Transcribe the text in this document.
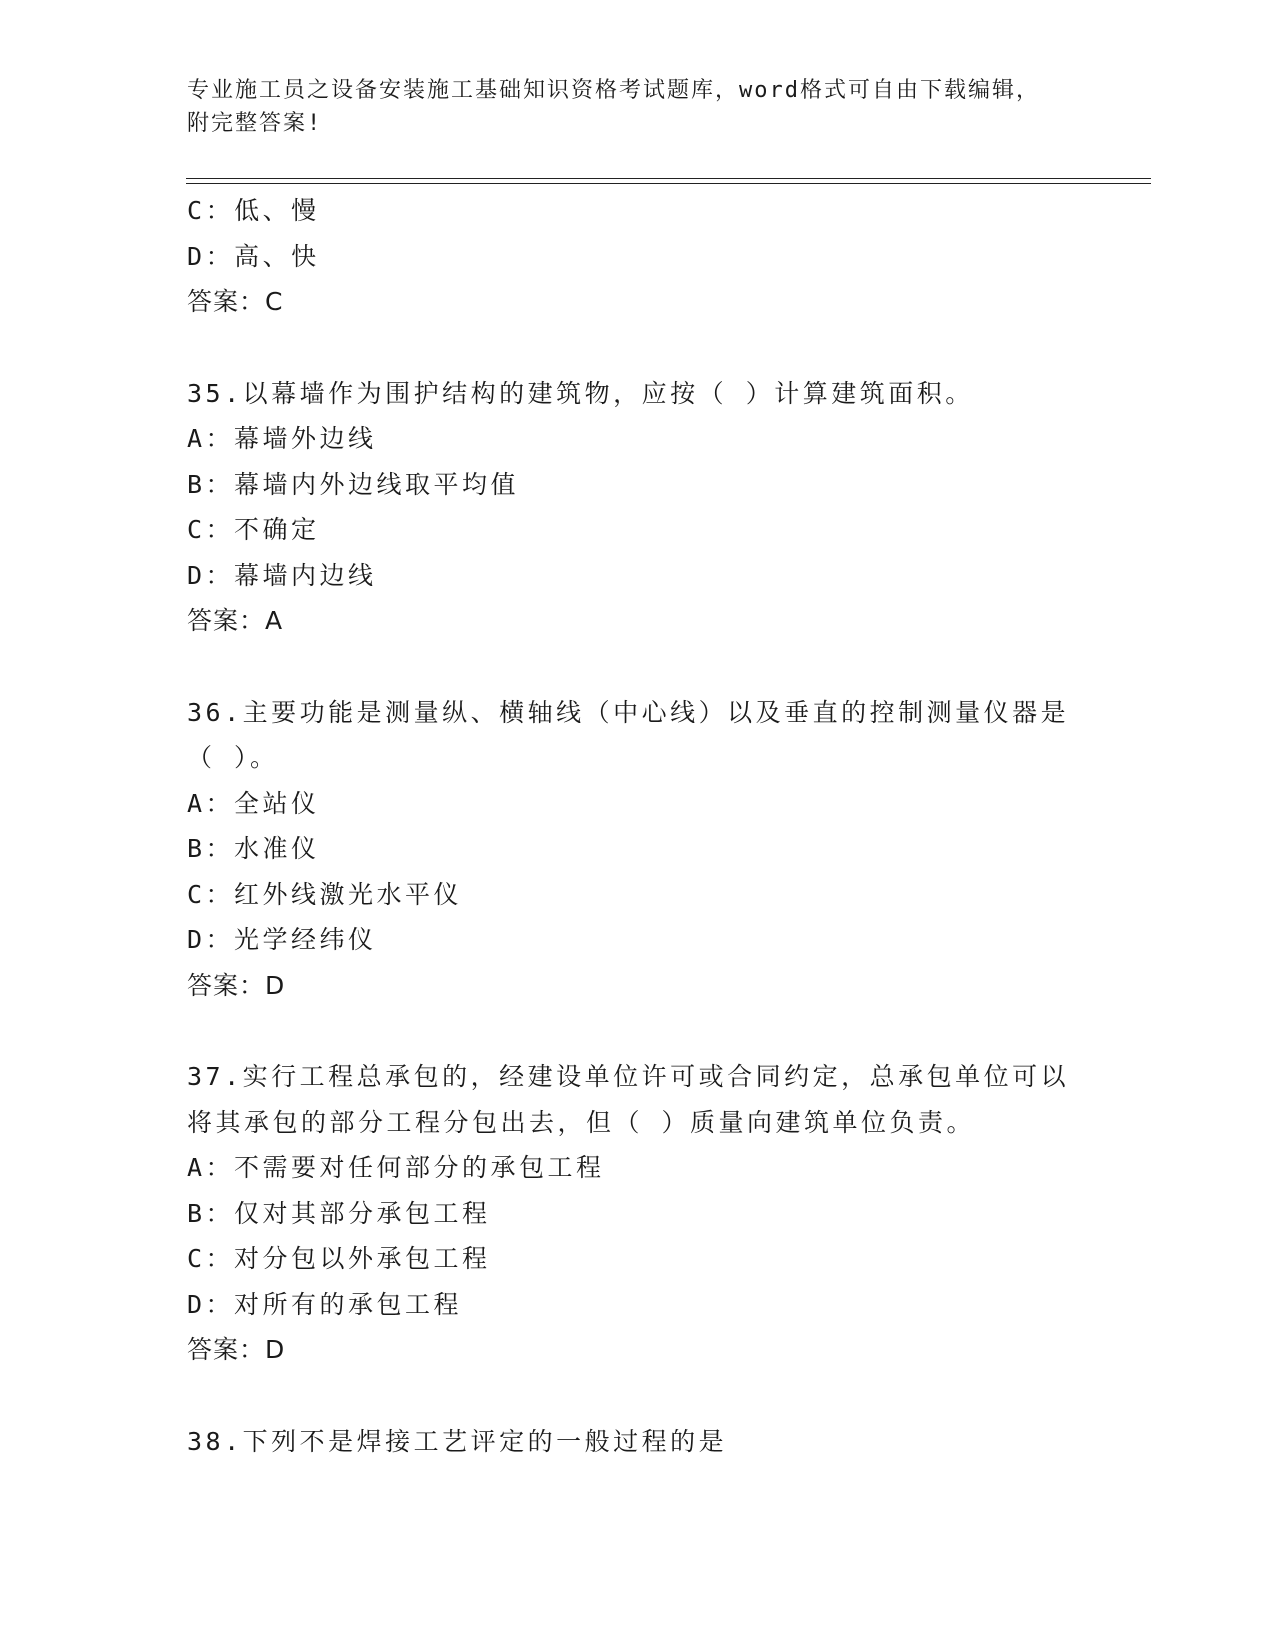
专业施工员之设备安装施工基础知识资格考试题库，word格式可自由下载编辑，
附完整答案!
C：低、慢
D：高、快
答案：C
35.以幕墙作为围护结构的建筑物，应按（ ）计算建筑面积。
A：幕墙外边线
B：幕墙内外边线取平均值
C：不确定
D：幕墙内边线
答案：A
36.主要功能是测量纵、横轴线（中心线）以及垂直的控制测量仪器是
（ ）。
A：全站仪
B：水准仪
C：红外线激光水平仪
D：光学经纬仪
答案：D
37.实行工程总承包的，经建设单位许可或合同约定，总承包单位可以
将其承包的部分工程分包出去，但（ ）质量向建筑单位负责。
A：不需要对任何部分的承包工程
B：仅对其部分承包工程
C：对分包以外承包工程
D：对所有的承包工程
答案：D
38.下列不是焊接工艺评定的一般过程的是
